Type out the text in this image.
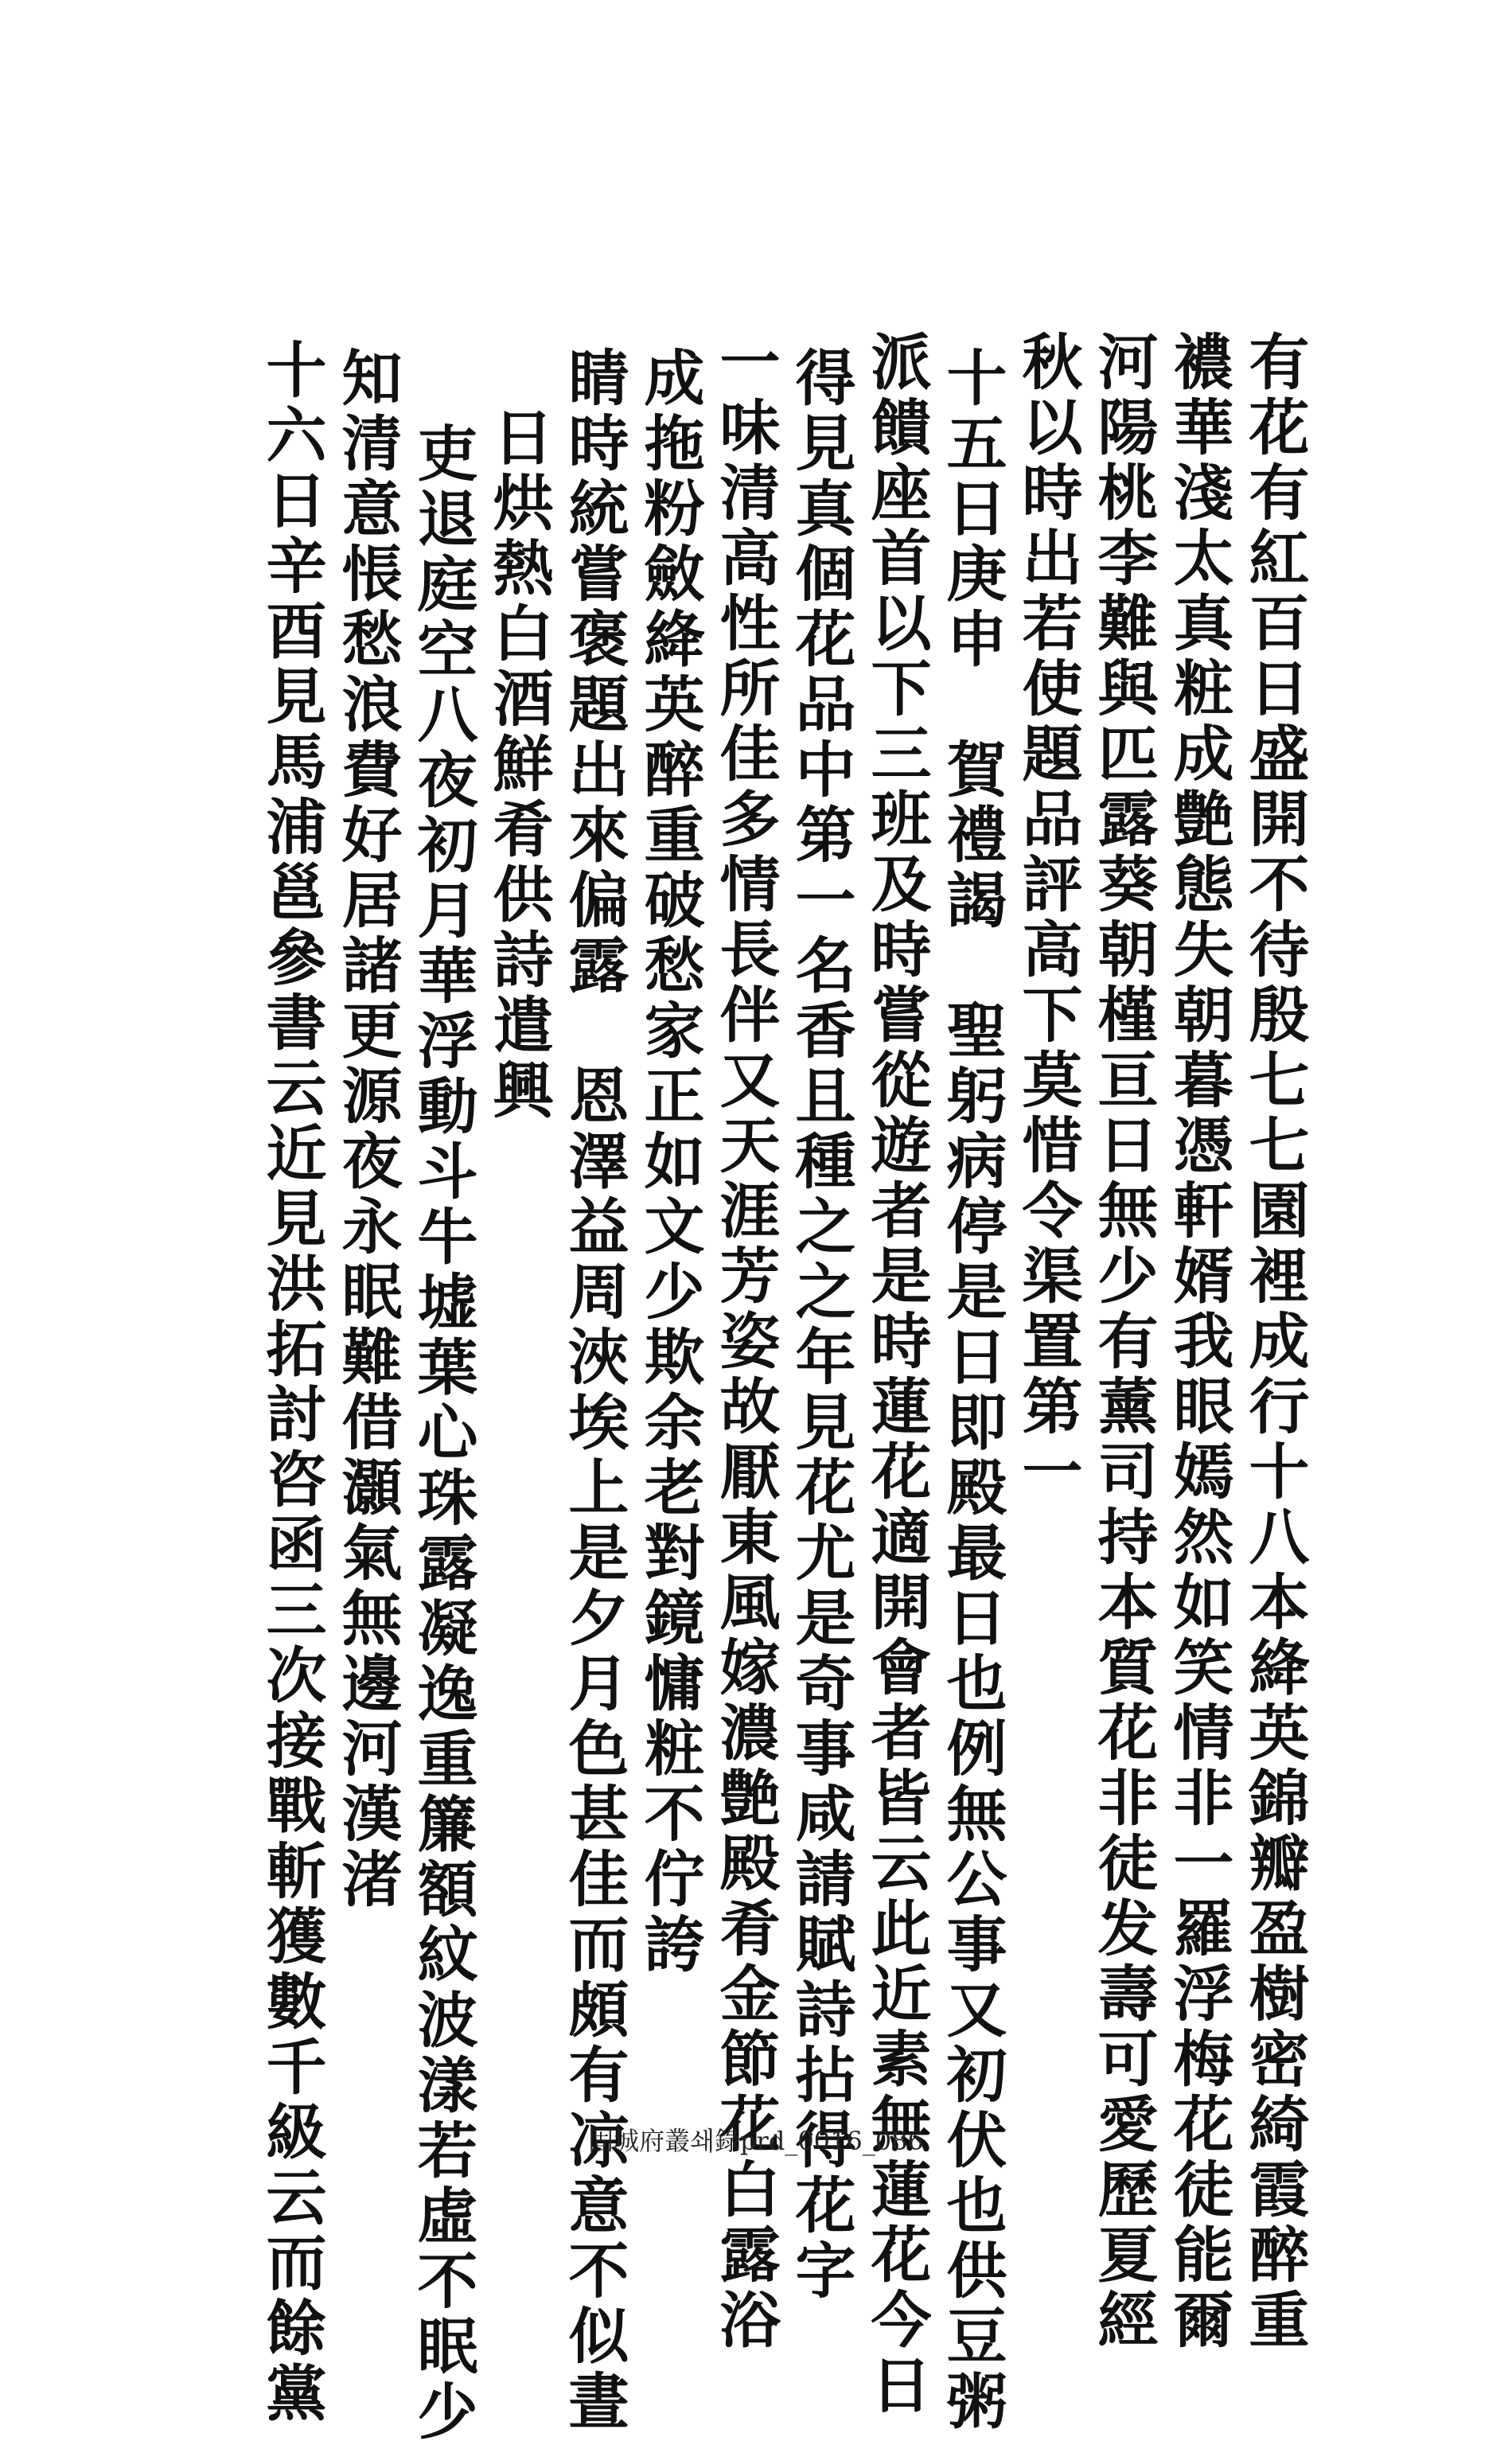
有花有紅百日盛開不待殷七七園裡成行十八本絳英錦瓣盈樹密綺霞醉重
襛華淺太真粧成艶態失朝暮憑軒婿我眼嫣然如笑情非一羅浮梅花徒能爾
河陽桃李難與匹露葵朝槿亘日無少有薰司持本質花非徒发壽可愛歷夏經
秋以時出若使題品評高下莫惜令渠置第一
十五日庚申　賀禮謁　聖躬病停是日即殿最日也例無公事又初伏也供豆粥
派饋座首以下三班及時嘗從遊者是時蓮花適開會者皆云此近素無蓮花今日
得見真個花品中第一名香且種之之年見花尤是奇事咸請賦詩拈得花字
一味清高性所佳多情長伴又天涯芳姿故厭東風嫁濃艶殿肴金節花白露浴
成拖粉斂絳英醉重破愁家正如文少欺余老對鏡慵粧不佇誇
睛時統嘗褒題出來偏露　恩澤益周浹埃上是夕月色甚佳而頗有凉意不似晝
日烘熱白酒鮮肴供詩遣興
吏退庭空八夜初月華浮動斗牛墟葉心珠露凝逸重簾額紋波漾若虛不眠少
知清意悵愁浪費好居諸更源夜永眠難借灝氣無邊河漢渚
十六日辛酉見馬浦邕參書云近見洪拓討咨函三次接戰斬獲數千級云而餘黨	固城府叢쇄錄prd_0016_086
